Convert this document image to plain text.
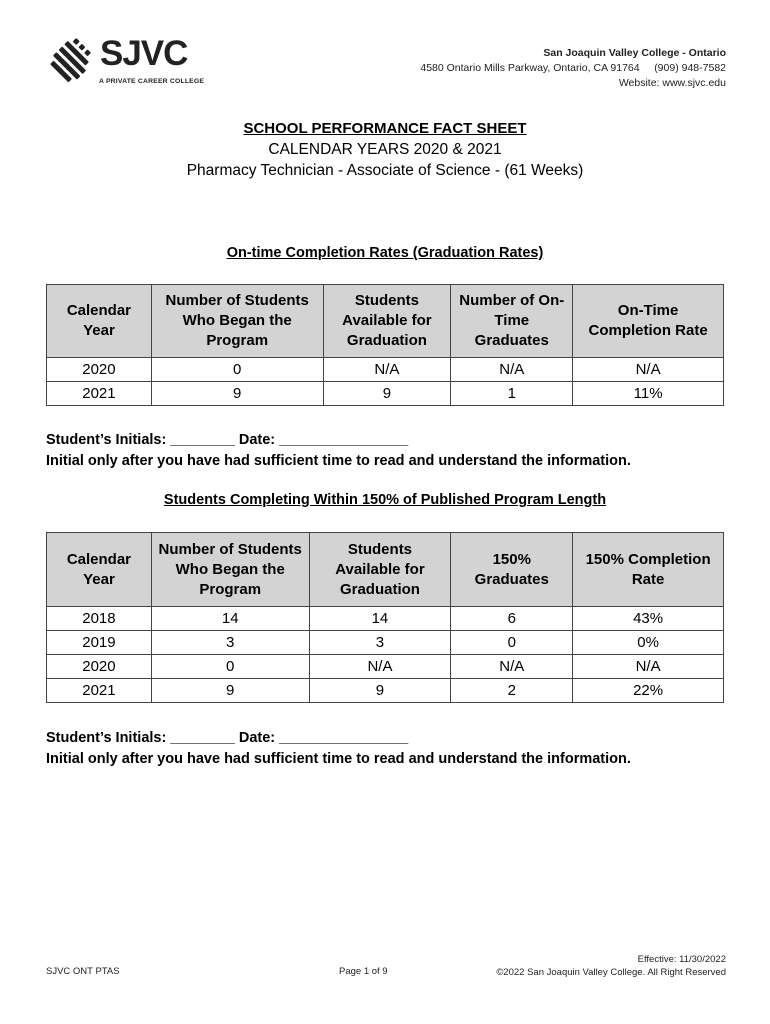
SJVC
A PRIVATE CAREER COLLEGE
San Joaquin Valley College - Ontario
4580 Ontario Mills Parkway, Ontario, CA 91764     (909) 948-7582
Website: www.sjvc.edu
SCHOOL PERFORMANCE FACT SHEET
CALENDAR YEARS 2020 & 2021
Pharmacy Technician - Associate of Science - (61 Weeks)
On-time Completion Rates (Graduation Rates)
Calendar Year	Number of Students Who Began the Program	Students Available for Graduation	Number of On-Time Graduates	On-Time Completion Rate
2020	0	N/A	N/A	N/A
2021	9	9	1	11%
Student’s Initials: ________ Date: ________________
Initial only after you have had sufficient time to read and understand the information.
Students Completing Within 150% of Published Program Length
Calendar Year	Number of Students Who Began the Program	Students Available for Graduation	150% Graduates	150% Completion Rate
2018	14	14	6	43%
2019	3	3	0	0%
2020	0	N/A	N/A	N/A
2021	9	9	2	22%
Student’s Initials: ________ Date: ________________
Initial only after you have had sufficient time to read and understand the information.
SJVC ONT PTAS	Page 1 of 9
Effective: 11/30/2022
©2022 San Joaquin Valley College. All Right Reserved
